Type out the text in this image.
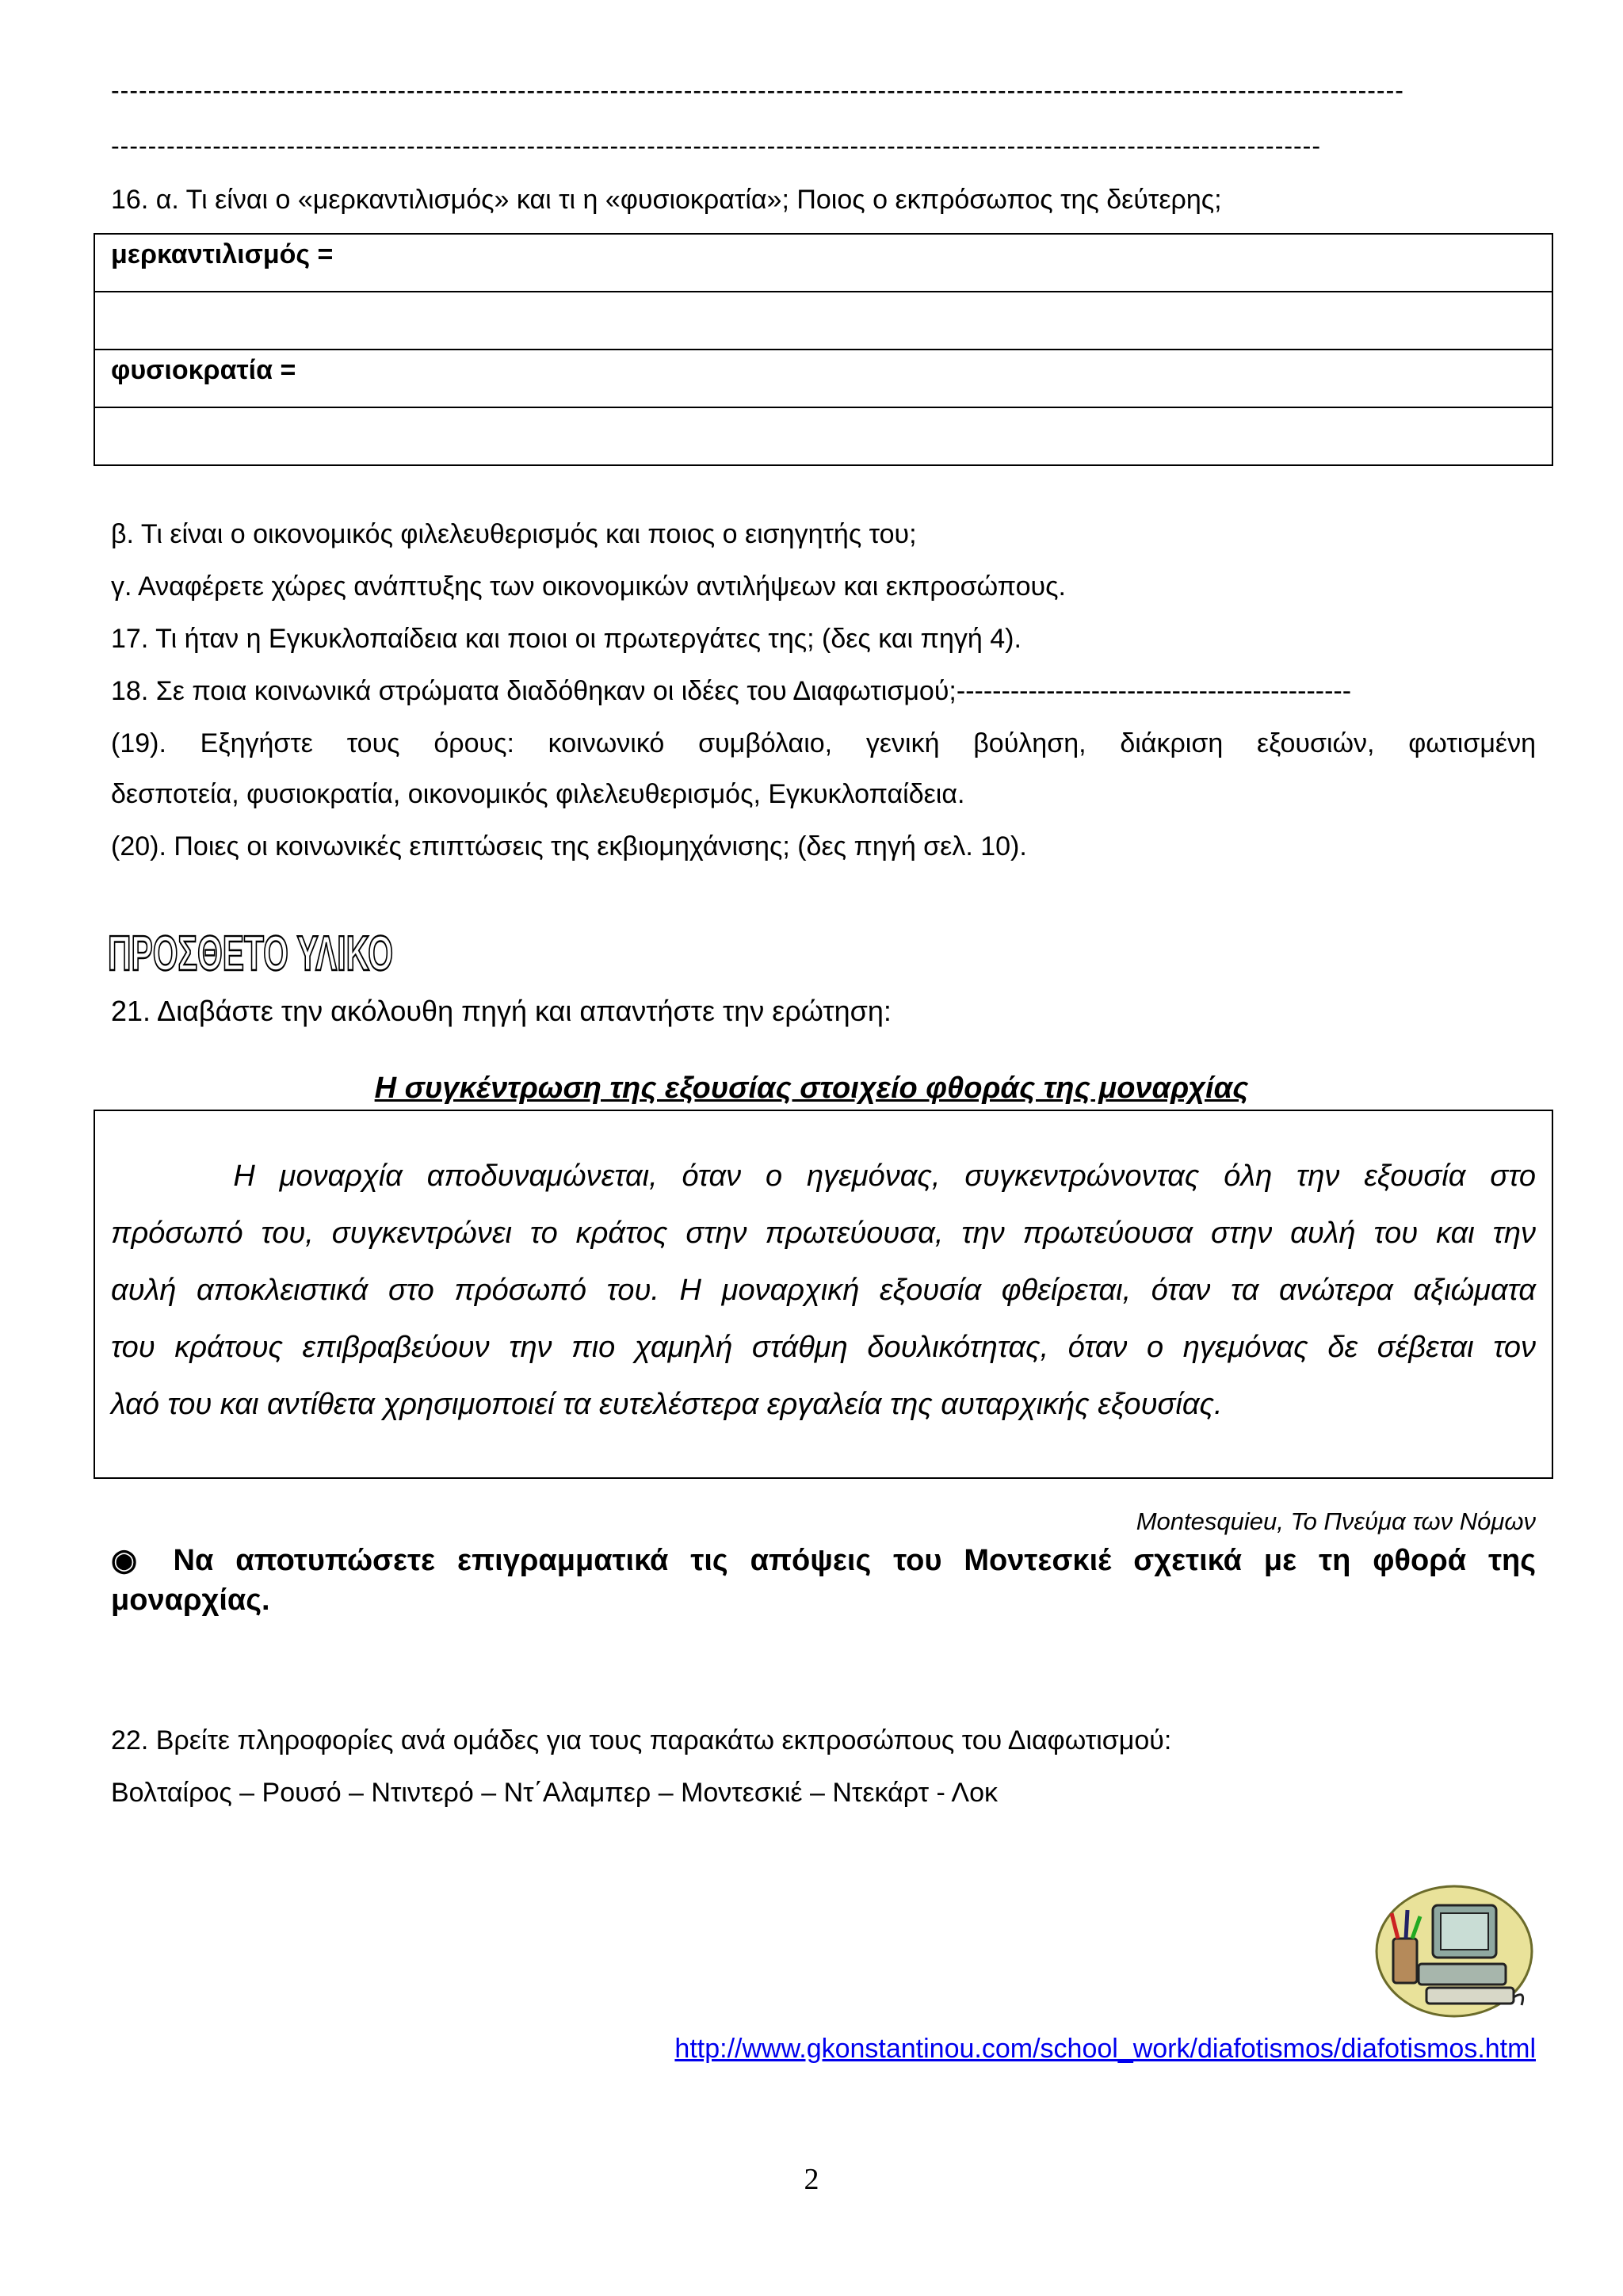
--------------------------------------------------------------------------------------------------------------------------------------------
-----------------------------------------------------------------------------------------------------------------------------------
16. α. Τι είναι ο «μερκαντιλισμός» και τι η «φυσιοκρατία»; Ποιος ο εκπρόσωπος της δεύτερης;
μερκαντιλισμός =

φυσιοκρατία =

β. Τι είναι ο οικονομικός φιλελευθερισμός και ποιος ο εισηγητής του;
γ. Αναφέρετε χώρες ανάπτυξης των οικονομικών αντιλήψεων και εκπροσώπους.
17. Τι ήταν η Εγκυκλοπαίδεια και ποιοι οι πρωτεργάτες της; (δες και πηγή 4).
18. Σε ποια κοινωνικά στρώματα διαδόθηκαν οι ιδέες του Διαφωτισμού;--------------------------------------------
(19). Εξηγήστε τους όρους: κοινωνικό συμβόλαιο, γενική βούληση, διάκριση εξουσιών, φωτισμένη
δεσποτεία, φυσιοκρατία, οικονομικός φιλελευθερισμός, Εγκυκλοπαίδεια.
(20). Ποιες οι κοινωνικές επιπτώσεις της εκβιομηχάνισης; (δες πηγή σελ. 10).
ΠΡΟΣΘΕΤΟ ΥΛΙΚΟ
21. Διαβάστε την ακόλουθη πηγή και απαντήστε την ερώτηση:
Η συγκέντρωση της εξουσίας στοιχείο φθοράς της μοναρχίας
Η μοναρχία αποδυναμώνεται, όταν ο ηγεμόνας, συγκεντρώνοντας όλη την εξουσία στο
πρόσωπό του, συγκεντρώνει το κράτος στην πρωτεύουσα, την πρωτεύουσα στην αυλή του και την
αυλή αποκλειστικά στο πρόσωπό του. Η μοναρχική εξουσία φθείρεται, όταν τα ανώτερα αξιώματα
του κράτους επιβραβεύουν την πιο χαμηλή στάθμη δουλικότητας, όταν ο ηγεμόνας δε σέβεται τον
λαό του και αντίθετα χρησιμοποιεί τα ευτελέστερα εργαλεία της αυταρχικής εξουσίας.
Montesquieu, Το Πνεύμα των Νόμων
◉ Να αποτυπώσετε επιγραμματικά τις απόψεις του Μοντεσκιέ σχετικά με τη φθορά της
μοναρχίας.
22. Βρείτε πληροφορίες ανά ομάδες για τους παρακάτω εκπροσώπους του Διαφωτισμού:
Βολταίρος – Ρουσό – Ντιντερό – Ντ΄Αλαμπερ – Μοντεσκιέ – Ντεκάρτ - Λοκ
http://www.gkonstantinou.com/school_work/diafotismos/diafotismos.html
2
